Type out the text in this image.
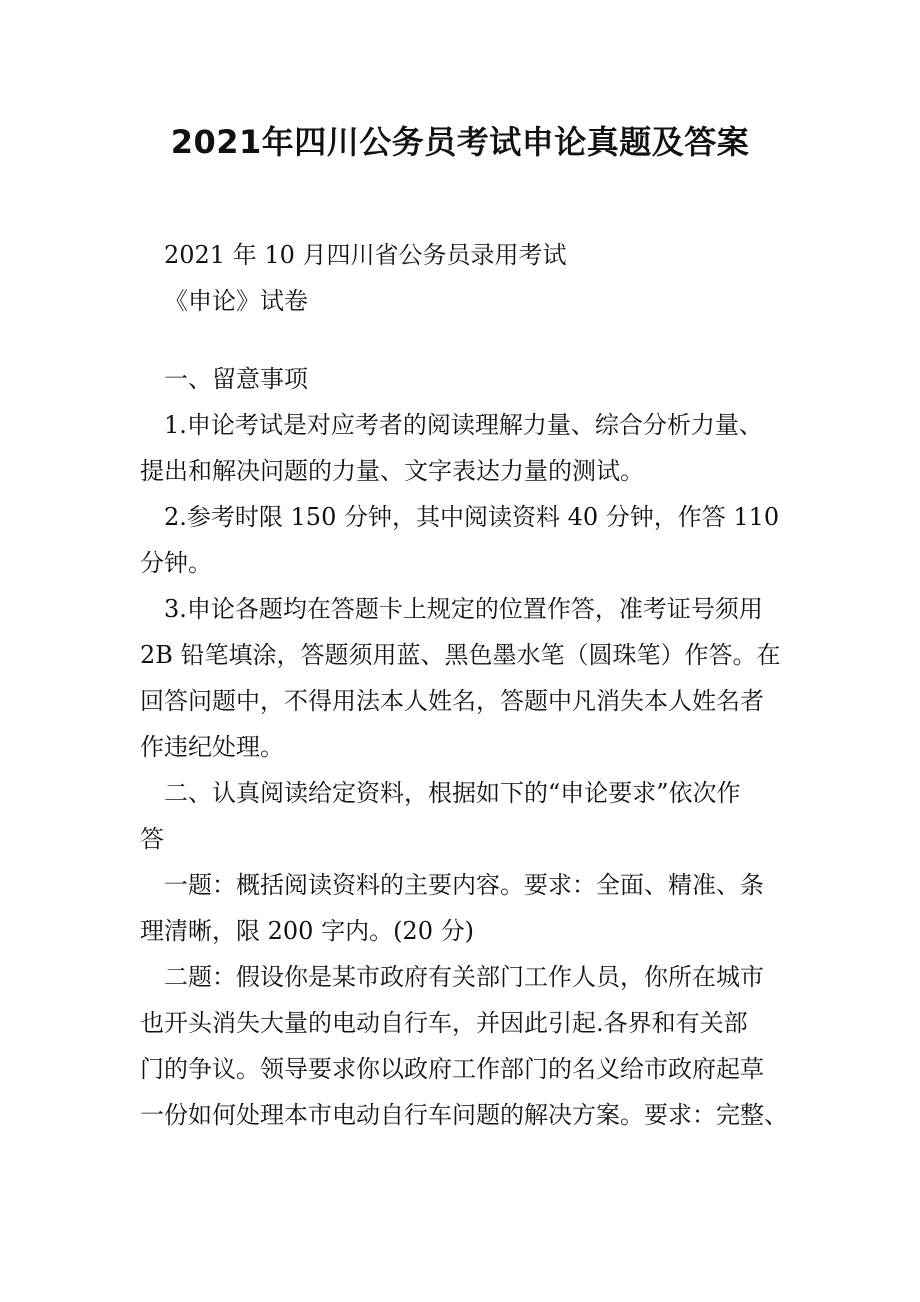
2021年四川公务员考试申论真题及答案
2021 年 10 月四川省公务员录用考试
《申论》试卷
一、留意事项
1.申论考试是对应考者的阅读理解力量、综合分析力量、
提出和解决问题的力量、文字表达力量的测试。
2.参考时限 150 分钟，其中阅读资料 40 分钟，作答 110
分钟。
3.申论各题均在答题卡上规定的位置作答，准考证号须用
2B 铅笔填涂，答题须用蓝、黑色墨水笔（圆珠笔）作答。在
回答问题中，不得用法本人姓名，答题中凡消失本人姓名者
作违纪处理。
二、认真阅读给定资料，根据如下的“申论要求”依次作
答
一题：概括阅读资料的主要内容。要求：全面、精准、条
理清晰，限 200 字内。(20 分)
二题：假设你是某市政府有关部门工作人员，你所在城市
也开头消失大量的电动自行车，并因此引起.各界和有关部
门的争议。领导要求你以政府工作部门的名义给市政府起草
一份如何处理本市电动自行车问题的解决方案。要求：完整、
